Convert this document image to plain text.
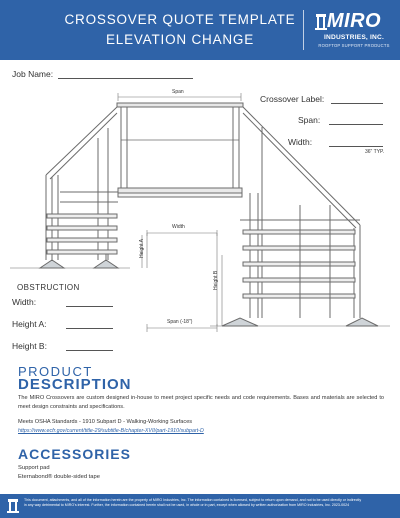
CROSSOVER QUOTE TEMPLATE
ELEVATION CHANGE
MIRO
INDUSTRIES, INC.
ROOFTOP SUPPORT PRODUCTS
Job Name:
Crossover Label:
Span:
Width:
36" TYP.
Span
Width
Height A
Height B
Span (-18")
OBSTRUCTION
Width:
Height A:
Height B:
PRODUCT
DESCRIPTION
The MIRO Crossovers are custom designed in-house to meet project specific needs and code requirements. Bases and materials are selected to meet design constraints and specifications.
Meets OSHA Standards - 1910 Subpart D - Walking-Working Surfaces
https://www.ecfr.gov/current/title-29/subtitle-B/chapter-XVII/part-1910/subpart-D
ACCESSORIES
Support pad
Eternabond® double-sided tape
This document, attachments, and all of the information herein are the property of MIRO Industries, Inc. The information contained is licensed, subject to return upon demand, and not to be used directly or indirectly in any way detrimental to MIRO's interest. Further, the information contained herein shall not be used, in whole or in part, except when allowed by written authorization from MIRO Industries, Inc. 2023-0024
